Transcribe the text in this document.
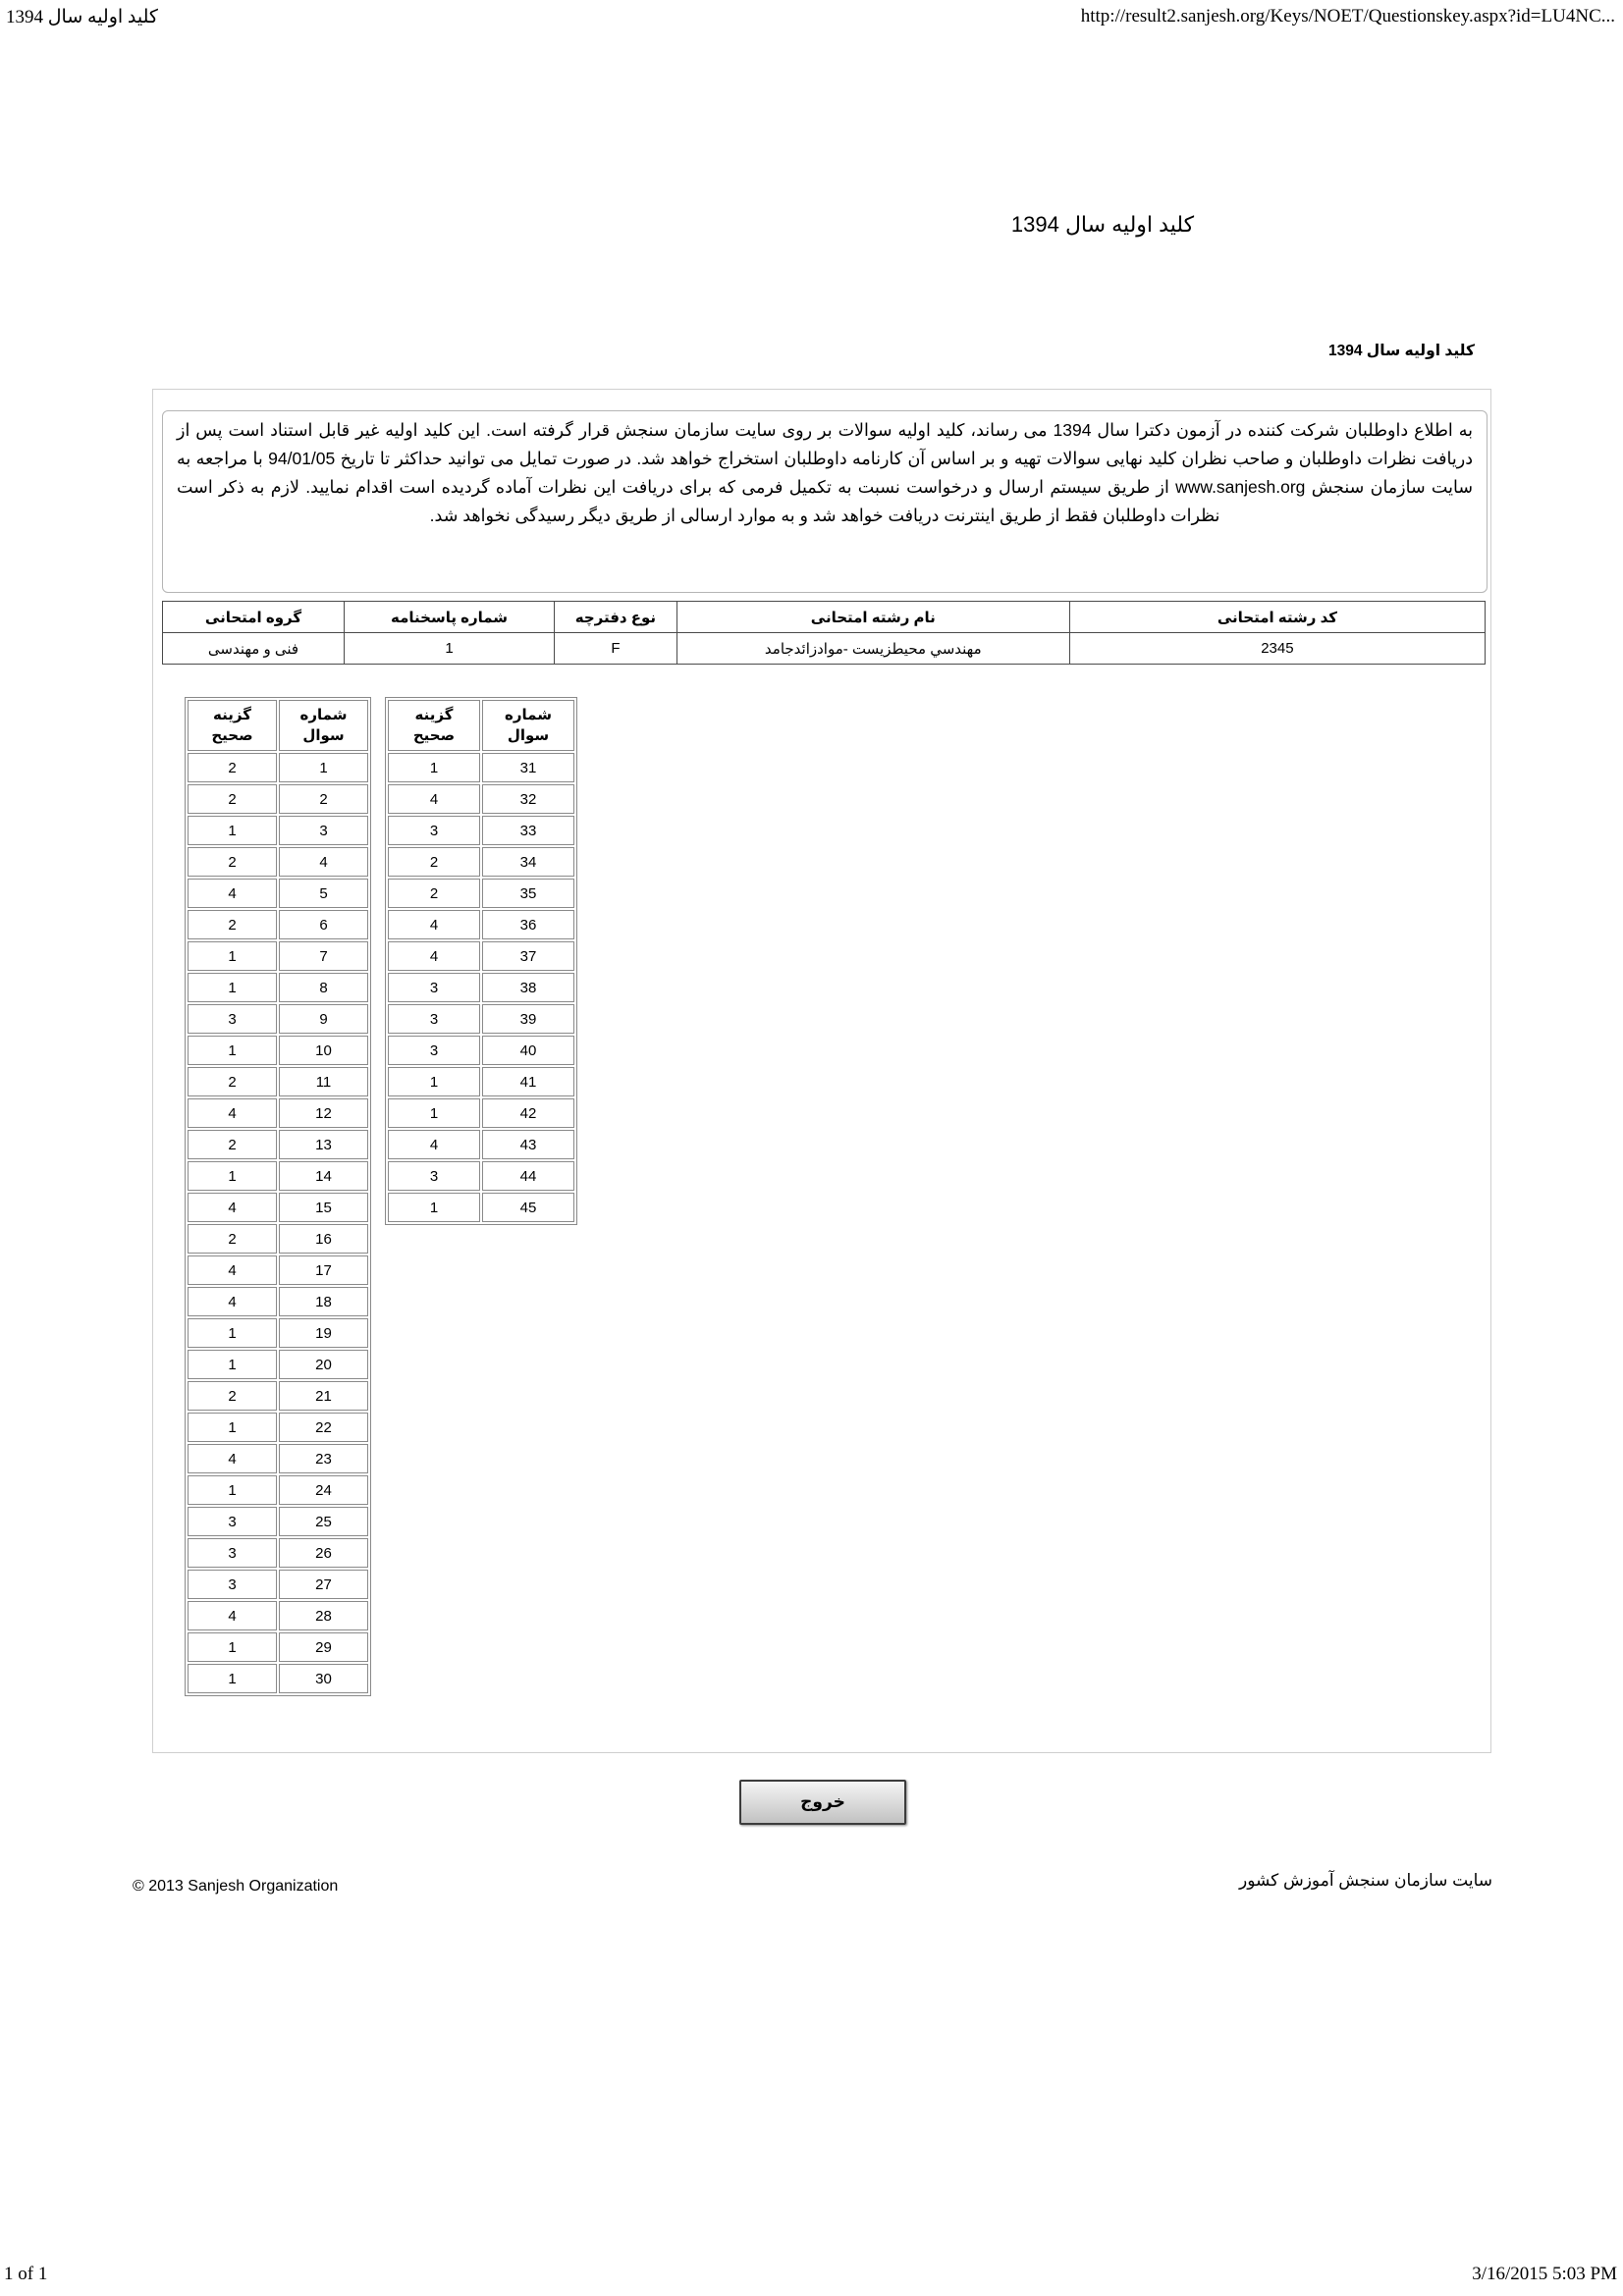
کلید اولیه سال 1394	http://result2.sanjesh.org/Keys/NOET/Questionskey.aspx?id=LU4NC...
کلید اولیه سال 1394
کلید اولیه سال 1394
به اطلاع داوطلبان شرکت کننده در آزمون دکترا سال 1394 می رساند، کلید اولیه سوالات بر روی سایت سازمان سنجش قرار گرفته است. این کلید اولیه غیر قابل استناد است پس از دریافت نظرات داوطلبان و صاحب نظران کلید نهایی سوالات تهیه و بر اساس آن کارنامه داوطلبان استخراج خواهد شد. در صورت تمایل می توانید حداکثر تا تاریخ 94/01/05 با مراجعه به سایت سازمان سنجش www.sanjesh.org از طریق سیستم ارسال و درخواست نسبت به تکمیل فرمی که برای دریافت این نظرات آماده گردیده است اقدام نمایید. لازم به ذکر است نظرات داوطلبان فقط از طریق اینترنت دریافت خواهد شد و به موارد ارسالی از طریق دیگر رسیدگی نخواهد شد.
کد رشته امتحانی	نام رشته امتحانی	نوع دفترچه	شماره پاسخنامه	گروه امتحانی
2345	مهندسي محيطزيست -موادزائدجامد	F	1	فنی و مهندسی
شماره سوال	گزینه صحیح
1	2
2	2
3	1
4	2
5	4
6	2
7	1
8	1
9	3
10	1
11	2
12	4
13	2
14	1
15	4
16	2
17	4
18	4
19	1
20	1
21	2
22	1
23	4
24	1
25	3
26	3
27	3
28	4
29	1
30	1
شماره سوال	گزینه صحیح
31	1
32	4
33	3
34	2
35	2
36	4
37	4
38	3
39	3
40	3
41	1
42	1
43	4
44	3
45	1
خروج
© 2013 Sanjesh Organization	سایت سازمان سنجش آموزش کشور
1 of 1	3/16/2015 5:03 PM
